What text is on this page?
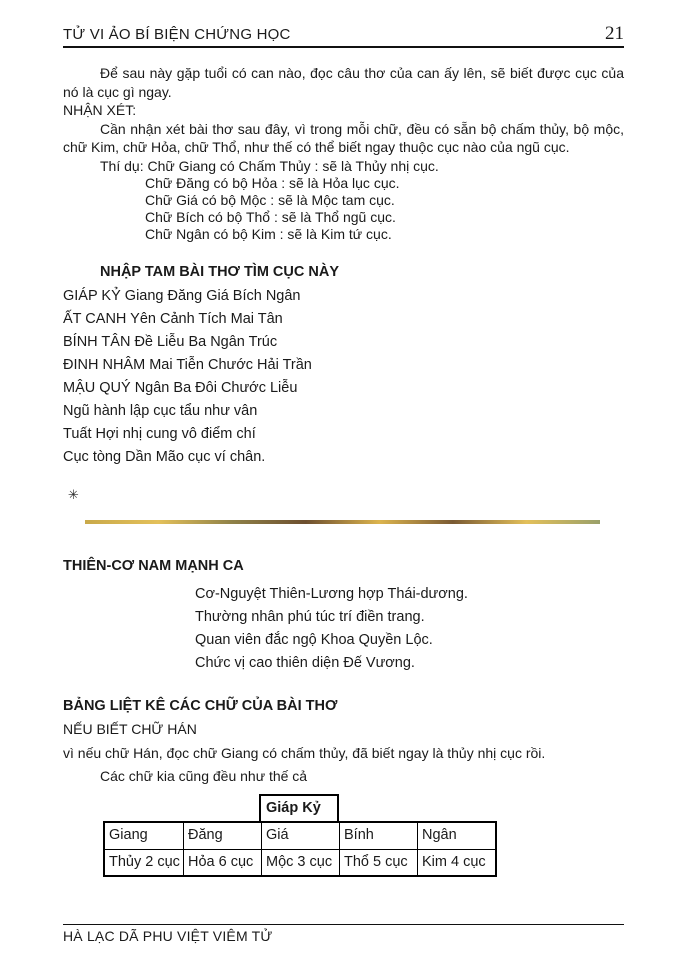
TỬ VI ẢO BÍ BIỆN CHỨNG HỌC	21

Để sau này gặp tuổi có can nào, đọc câu thơ của can ấy lên, sẽ biết được cục của nó là cục gì ngay.

NHẬN XÉT:

Cần nhận xét bài thơ sau đây, vì trong mỗi chữ, đều có sẵn bộ chấm thủy, bộ mộc, chữ Kim, chữ Hỏa, chữ Thổ, như thế có thể biết ngay thuộc cục nào của ngũ cục.

Thí dụ: Chữ Giang có Chấm Thủy : sẽ là Thủy nhị cục.
Chữ Đăng có bộ Hỏa : sẽ là Hỏa lục cục.
Chữ Giá có bộ Mộc : sẽ là Mộc tam cục.
Chữ Bích có bộ Thổ : sẽ là Thổ ngũ cục.
Chữ Ngân có bộ Kim : sẽ là Kim tứ cục.
NHẬP TAM BÀI THƠ TÌM CỤC NÀY
GIÁP KỶ Giang Đăng Giá Bích Ngân
ẤT CANH Yên Cảnh Tích Mai Tân
BÍNH TÂN Đề Liễu Ba Ngân Trúc
ĐINH NHÂM Mai Tiễn Chước Hải Trần
MẬU QUÝ Ngân Ba Đôi Chước Liễu
Ngũ hành lập cục tẩu như vân
Tuất Hợi nhị cung vô điểm chí
Cục tòng Dần Mão cục ví chân.
✳
THIÊN-CƠ NAM MẠNH CA
Cơ-Nguyệt Thiên-Lương hợp Thái-dương.
Thường nhân phú túc trí điền trang.
Quan viên đắc ngộ Khoa Quyền Lộc.
Chức vị cao thiên diện Đế Vương.
BẢNG LIỆT KÊ CÁC CHỮ CỦA BÀI THƠ
NẾU BIẾT CHỮ HÁN
vì nếu chữ Hán, đọc chữ Giang có chấm thủy, đã biết ngay là thủy nhị cục rồi.
Các chữ kia cũng đều như thế cả
Giáp Kỷ
Giang	Đăng	Giá	Bính	Ngân
Thủy 2 cục Hỏa 6 cục Mộc 3 cục Thổ 5 cục Kim 4 cục
HÀ LẠC DÃ PHU VIỆT VIÊM TỬ
